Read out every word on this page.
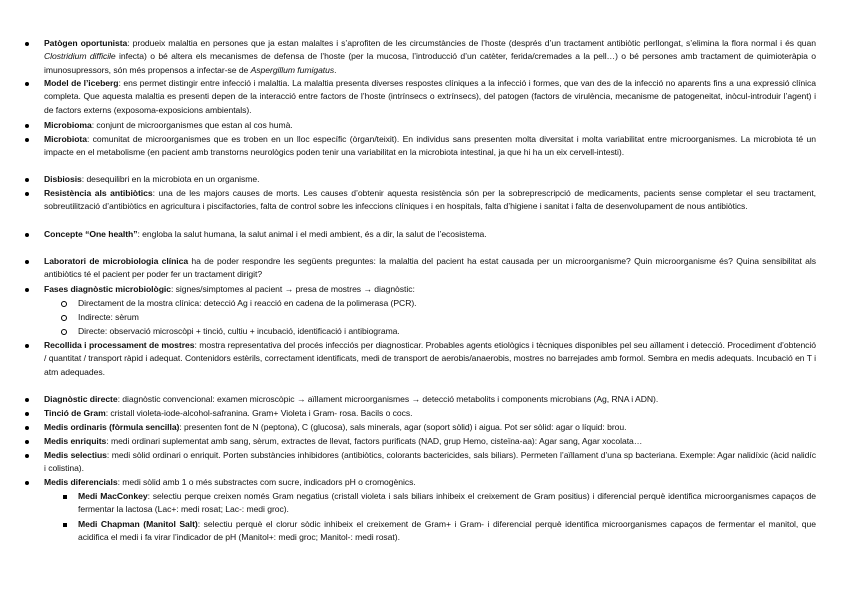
Patògen oportunista: produeix malaltia en persones que ja estan malaltes i s’aprofiten de les circumstàncies de l’hoste (després d’un tractament antibiòtic perllongat, s’elimina la flora normal i és quan Clostridium difficile infecta) o bé altera els mecanismes de defensa de l’hoste (per la mucosa, l’introducció d’un catèter, ferida/cremades a la pell…) o bé persones amb tractament de quimioteràpia o imunosupressors, són més propensos a infectar-se de Aspergillum fumigatus.
Model de l’iceberg: ens permet distingir entre infecció i malaltia. La malaltia presenta diverses respostes clíniques a la infecció i formes, que van des de la infecció no aparents fins a una expressió clínica completa. Que aquesta malaltia es presenti depen de la interacció entre factors de l’hoste (intrínsecs o extrínsecs), del patogen (factors de virulència, mecanisme de patogeneitat, inòcul-introduir l’agent) i de factors externs (exposoma-exposicions ambientals).
Microbioma: conjunt de microorganismes que estan al cos humà.
Microbiota: comunitat de microorganismes que es troben en un lloc específic (òrgan/teixit). En individus sans presenten molta diversitat i molta variabilitat entre microorganismes. La microbiota té un impacte en el metabolisme (en pacient amb transtorns neurològics poden tenir una variabilitat en la microbiota intestinal, ja que hi ha un eix cervell-intesti).
Disbiosis: desequilibri en la microbiota en un organisme.
Resistència als antibiòtics: una de les majors causes de morts. Les causes d’obtenir aquesta resistència són per la sobreprescripció de medicaments, pacients sense completar el seu tractament, sobreutilització d’antibiòtics en agricultura i piscifactories, falta de control sobre les infeccions clíniques i en hospitals, falta d’higiene i sanitat i falta de desenvolupament de nous antibiòtics.
Concepte “One health”: engloba la salut humana, la salut animal i el medi ambient, és a dir, la salut de l’ecosistema.
Laboratori de microbiologia clínica ha de poder respondre les següents preguntes: la malaltia del pacient ha estat causada per un microorganisme? Quin microorganisme és? Quina sensibilitat als antibiòtics té el pacient per poder fer un tractament dirigit?
Fases diagnòstic microbiològic: signes/simptomes al pacient → presa de mostres → diagnòstic:
Directament de la mostra clínica: detecció Ag i reacció en cadena de la polimerasa (PCR).
Indirecte: sèrum
Directe: observació microscòpi + tinció, cultiu + incubació, identificació i antibiograma.
Recollida i processament de mostres: mostra representativa del procés infecciós per diagnosticar. Probables agents etiològics i tècniques disponibles pel seu aïllament i detecció. Procediment d’obtenció / quantitat / transport ràpid i adequat. Contenidors estèrils, correctament identificats, medi de transport de aerobis/anaerobis, mostres no barrejades amb formol. Sembra en medis adequats. Incubació en T i atm adequades.
Diagnòstic directe: diagnòstic convencional: examen microscòpic → aïllament microorganismes → detecció metabolits i components microbians (Ag, RNA i ADN).
Tinció de Gram: cristall violeta-iode-alcohol-safranina. Gram+ Violeta i Gram- rosa. Bacils o cocs.
Medis ordinaris (fòrmula sencilla): presenten font de N (peptona), C (glucosa), sals minerals, agar (soport sòlid) i aigua. Pot ser sòlid: agar o líquid: brou.
Medis enriquits: medi ordinari suplementat amb sang, sèrum, extractes de llevat, factors purificats (NAD, grup Hemo, cisteïna-aa): Agar sang, Agar xocolata…
Medis selectius: medi sòlid ordinari o enriquit. Porten substàncies inhibidores (antibiòtics, colorants bactericides, sals biliars). Permeten l’aïllament d’una sp bacteriana. Exemple: Agar nalidíxic (àcid nalidíc i colistina).
Medis diferencials: medi sòlid amb 1 o més substractes com sucre, indicadors pH o cromogènics.
Medi MacConkey: selectiu perque creixen només Gram negatius (cristall violeta i sals biliars inhibeix el creixement de Gram positius) i diferencial perquè identifica microorganismes capaços de fermentar la lactosa (Lac+: medi rosat; Lac-: medi groc).
Medi Chapman (Manitol Salt): selectiu perquè el clorur sòdic inhibeix el creixement de Gram+ i Gram- i diferencial perquè identifica microorganismes capaços de fermentar el manitol, que acidifica el medi i fa virar l’indicador de pH (Manitol+: medi groc; Manitol-: medi rosat).
